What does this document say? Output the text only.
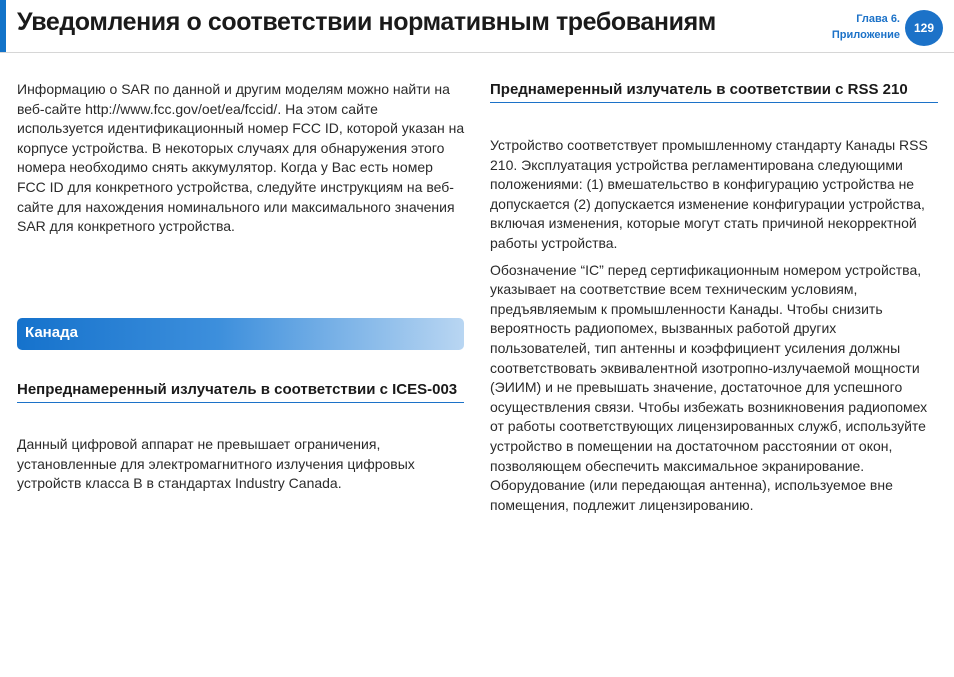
Уведомления о соответствии нормативным требованиям	Глава 6.
Приложение	129

Информацию о SAR по данной и другим моделям можно найти на веб-сайте http://www.fcc.gov/oet/ea/fccid/. На этом сайте используется идентификационный номер FCC ID, которой указан на корпусе устройства. В некоторых случаях для обнаружения этого номера необходимо снять аккумулятор. Когда у Вас есть номер FCC ID для конкретного устройства, следуйте инструкциям на веб-сайте для нахождения номинального или максимального значения SAR для конкретного устройства.

Канада
Непреднамеренный излучатель в соответствии с ICES-003

Данный цифровой аппарат не превышает ограничения, установленные для электромагнитного излучения цифровых устройств класса B в стандартах Industry Canada.

Преднамеренный излучатель в соответствии с RSS 210

Устройство соответствует промышленному стандарту Канады RSS 210. Эксплуатация устройства регламентирована следующими положениями: (1) вмешательство в конфигурацию устройства не допускается (2) допускается изменение конфигурации устройства, включая изменения, которые могут стать причиной некорректной работы устройства.

Обозначение “IC” перед сертификационным номером устройства, указывает на соответствие всем техническим условиям, предъявляемым к промышленности Канады. Чтобы снизить вероятность радиопомех, вызванных работой других пользователей, тип антенны и коэффициент усиления должны соответствовать эквивалентной изотропно-излучаемой мощности (ЭИИМ) и не превышать значение, достаточное для успешного осуществления связи. Чтобы избежать возникновения радиопомех от работы соответствующих лицензированных служб, используйте устройство в помещении на достаточном расстоянии от окон, позволяющем обеспечить максимальное экранирование. Оборудование (или передающая антенна), используемое вне помещения, подлежит лицензированию.
